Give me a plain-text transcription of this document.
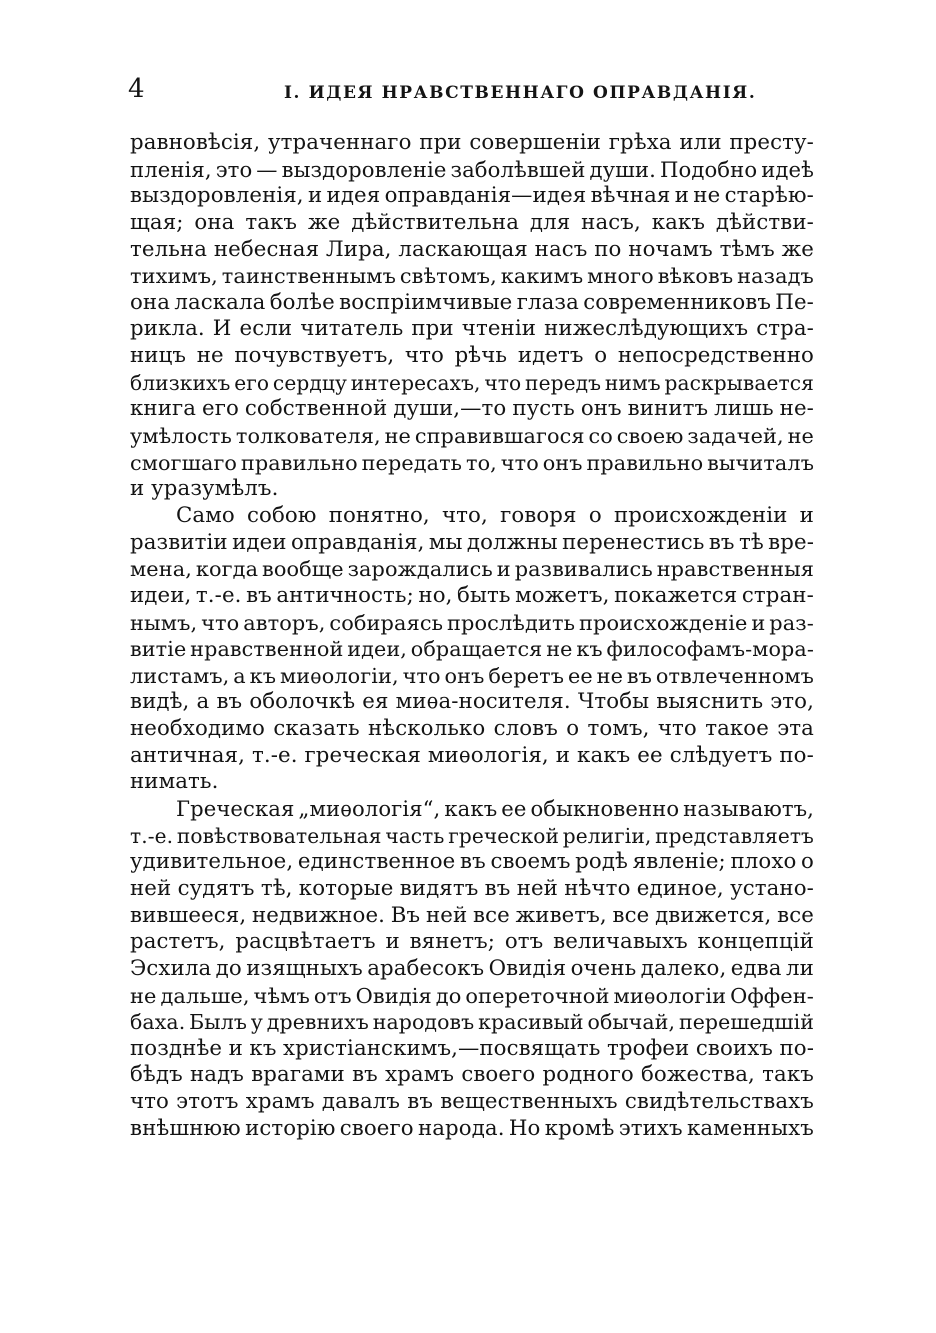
4	I. ИДЕЯ НРАВСТВЕННАГО ОПРАВДАНІЯ.
равновѣсія, утраченнаго при совершеніи грѣха или престу-
пленія, это — выздоровленіе заболѣвшей души. Подобно идеѣ
выздоровленія, и идея оправданія—идея вѣчная и не старѣю-
щая; она такъ же дѣйствительна для насъ, какъ дѣйстви-
тельна небесная Лира, ласкающая насъ по ночамъ тѣмъ же
тихимъ, таинственнымъ свѣтомъ, какимъ много вѣковъ назадъ
она ласкала болѣе воспріимчивые глаза современниковъ Пе-
рикла. И если читатель при чтеніи нижеслѣдующихъ стра-
ницъ не почувствуетъ, что рѣчь идетъ о непосредственно
близкихъ его сердцу интересахъ, что передъ нимъ раскрывается
книга его собственной души,—то пусть онъ винитъ лишь не-
умѣлость толкователя, не справившагося со своею задачей, не
смогшаго правильно передать то, что онъ правильно вычиталъ
и уразумѣлъ.
Само собою понятно, что, говоря о происхожденіи и
развитіи идеи оправданія, мы должны перенестись въ тѣ вре-
мена, когда вообще зарождались и развивались нравственныя
идеи, т.-е. въ античность; но, быть можетъ, покажется стран-
нымъ, что авторъ, собираясь прослѣдить происхожденіе и раз-
витіе нравственной идеи, обращается не къ философамъ-морa-
листамъ, а къ миѳологіи, что онъ беретъ ее не въ отвлеченномъ
видѣ, а въ оболочкѣ ея миѳа-носителя. Чтобы выяснить это,
необходимо сказать нѣсколько словъ о томъ, что такое эта
античная, т.-е. греческая миѳологія, и какъ ее слѣдуетъ по-
нимать.
Греческая „миѳологія“, какъ ее обыкновенно называютъ,
т.-е. повѣствовательная часть греческой религіи, представляетъ
удивительное, единственное въ своемъ родѣ явленіе; плохо о
ней судятъ тѣ, которые видятъ въ ней нѣчто единое, устано-
вившееся, недвижное. Въ ней все живетъ, все движется, все
растетъ, расцвѣтаетъ и вянетъ; отъ величавыхъ концепцій
Эсхила до изящныхъ арабесокъ Овидія очень далеко, едва ли
не дальше, чѣмъ отъ Овидія до опереточной миѳологіи Оффен-
баха. Былъ у древнихъ народовъ красивый обычай, перешедшій
позднѣе и къ христіанскимъ,—посвящать трофеи своихъ по-
бѣдъ надъ врагами въ храмъ своего родного божества, такъ
что этотъ храмъ давалъ въ вещественныхъ свидѣтельствахъ
внѣшнюю исторію своего народа. Но кромѣ этихъ каменныхъ
